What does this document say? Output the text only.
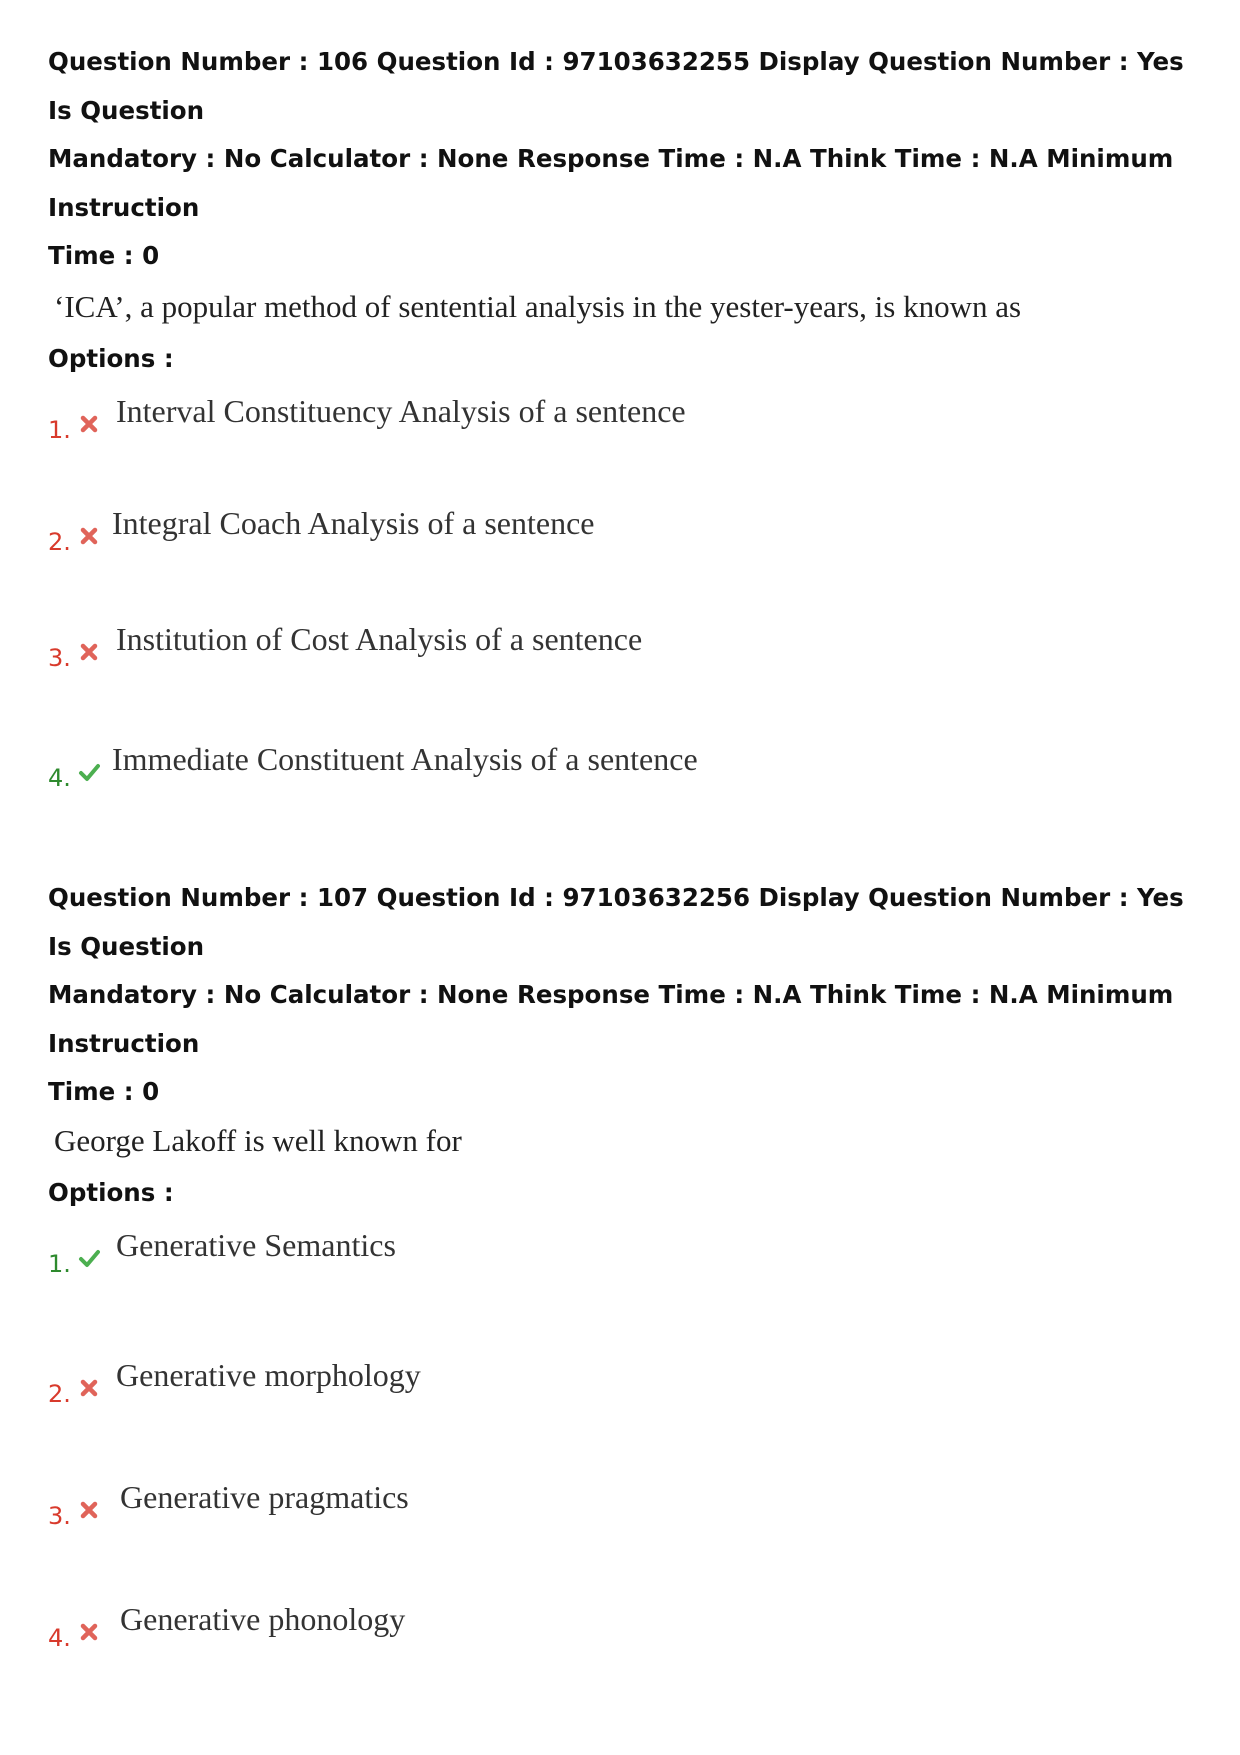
Question Number : 106 Question Id : 97103632255 Display Question Number : Yes Is Question
Mandatory : No Calculator : None Response Time : N.A Think Time : N.A Minimum Instruction
Time : 0

‘ICA’, a popular method of sentential analysis in the yester-years, is known as
Options :
1.
Interval Constituency Analysis of a sentence
2.
Integral Coach Analysis of a sentence
3.
Institution of Cost Analysis of a sentence
4.
Immediate Constituent Analysis of a sentence

Question Number : 107 Question Id : 97103632256 Display Question Number : Yes Is Question
Mandatory : No Calculator : None Response Time : N.A Think Time : N.A Minimum Instruction
Time : 0

George Lakoff is well known for
Options :
1.
Generative Semantics
2.
Generative morphology
3.
Generative pragmatics
4.
Generative phonology
